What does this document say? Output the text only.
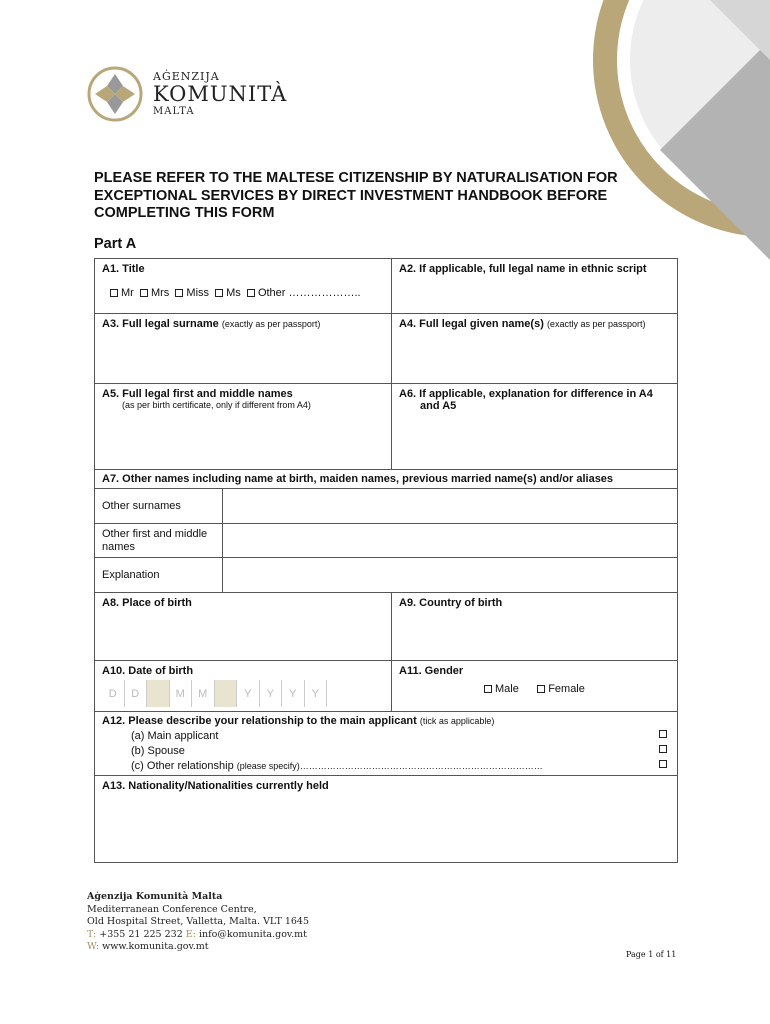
AĠENZIJA
KOMUNITÀ
MALTA
PLEASE REFER TO THE MALTESE CITIZENSHIP BY NATURALISATION FOR EXCEPTIONAL SERVICES BY DIRECT INVESTMENT HANDBOOK BEFORE COMPLETING THIS FORM
Part A
A1. Title
Mr Mrs Miss Ms Other ………………..
A2. If applicable, full legal name in ethnic script
A3. Full legal surname (exactly as per passport)	A4. Full legal given name(s) (exactly as per passport)
A5. Full legal first and middle names
(as per birth certificate, only if different from A4)
A6. If applicable, explanation for difference in A4
and A5
A7. Other names including name at birth, maiden names, previous married name(s) and/or aliases
Other surnames
Other first and middle names
Explanation
A8. Place of birth	A9. Country of birth
A10. Date of birth
D	D	M	M	Y	Y	Y	Y
A11. Gender
Male	Female
A12. Please describe your relationship to the main applicant (tick as applicable)
(a) Main applicant
(b) Spouse
(c) Other relationship (please specify)………………………………………………………………………
A13. Nationality/Nationalities currently held
Aġenzija Komunità Malta
Mediterranean Conference Centre,
Old Hospital Street, Valletta, Malta. VLT 1645
T: +355 21 225 232 E: info@komunita.gov.mt
W: www.komunita.gov.mt
Page 1 of 11
